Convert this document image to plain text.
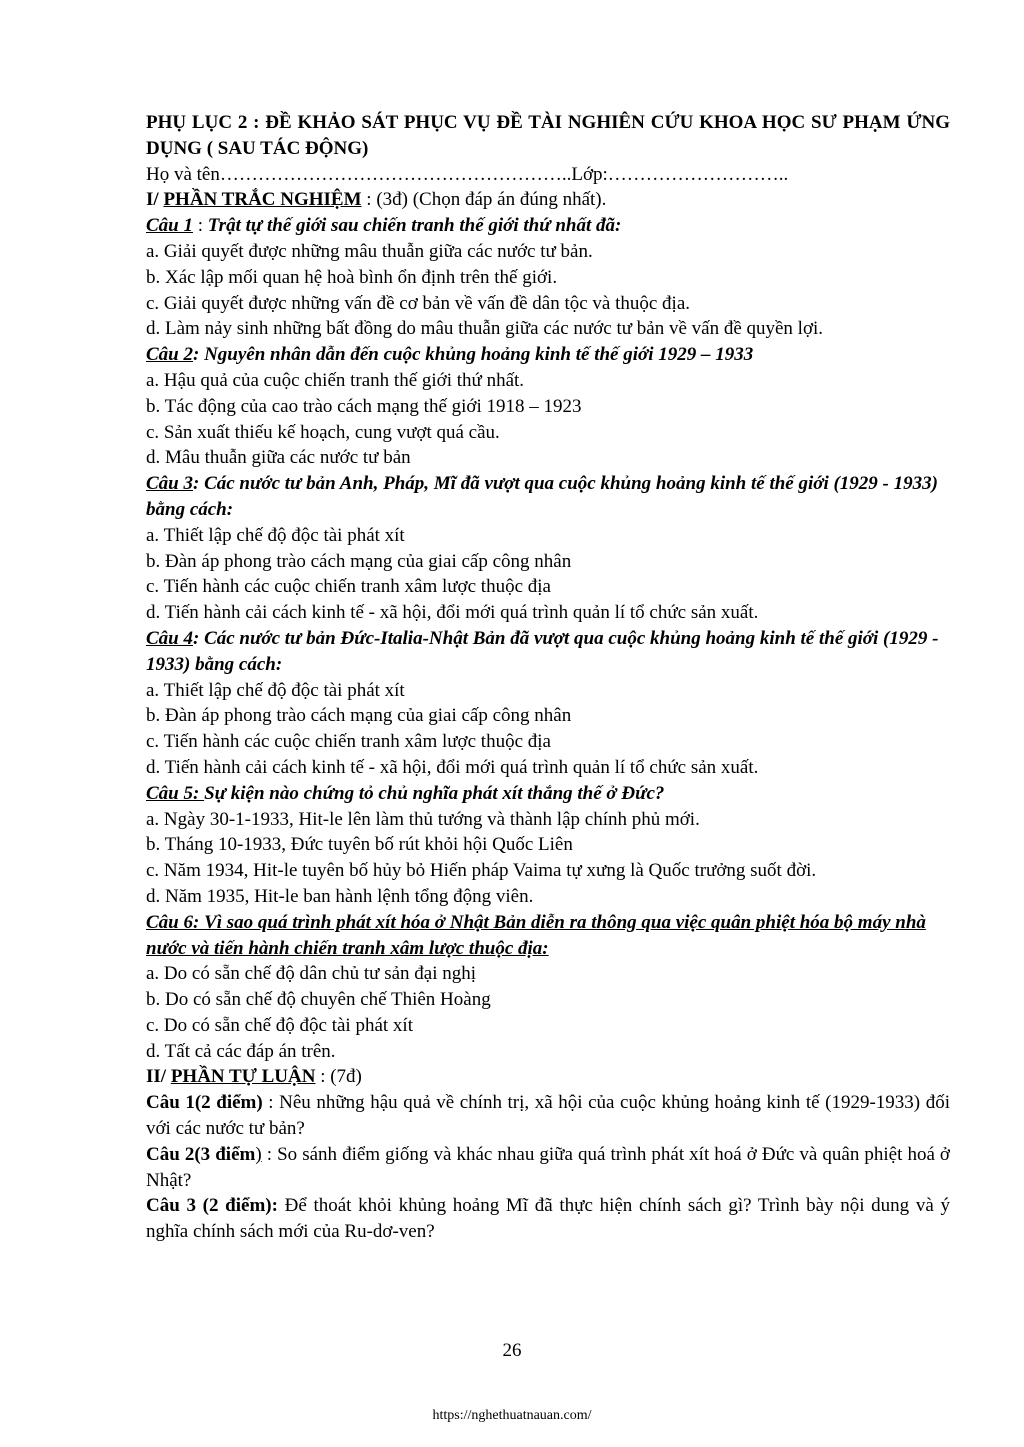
PHỤ LỤC 2 : ĐỀ KHẢO SÁT PHỤC VỤ ĐỀ TÀI NGHIÊN CỨU KHOA HỌC SƯ PHẠM ỨNG DỤNG ( SAU TÁC ĐỘNG)
Họ và tên………………………………………………..Lớp:………………………..
I/ PHẦN TRẮC NGHIỆM : (3đ) (Chọn đáp án đúng nhất).
Câu 1 : Trật tự thế giới sau chiến tranh thế giới thứ nhất đã:
a. Giải quyết được những mâu thuẫn giữa các nước tư bản.
b. Xác lập mối quan hệ hoà bình ổn định trên thế giới.
c. Giải quyết được những vấn đề cơ bản về vấn đề dân tộc và thuộc địa.
d. Làm nảy sinh những bất đồng do mâu thuẫn giữa các nước tư bản về vấn đề quyền lợi.
Câu 2: Nguyên nhân dẫn đến cuộc khủng hoảng kinh tế thế giới 1929 – 1933
a. Hậu quả của cuộc chiến tranh thế giới thứ nhất.
b. Tác động của cao trào cách mạng thế giới 1918 – 1923
c. Sản xuất thiếu kế hoạch, cung vượt quá cầu.
d. Mâu thuẫn giữa các nước tư bản
Câu 3: Các nước tư bản Anh, Pháp, Mĩ đã vượt qua cuộc khủng hoảng kinh tế thế giới (1929 - 1933) bằng cách:
a. Thiết lập chế độ độc tài phát xít
b. Đàn áp phong trào cách mạng của giai cấp công nhân
c. Tiến hành các cuộc chiến tranh xâm lược thuộc địa
d. Tiến hành cải cách kinh tế - xã hội, đổi mới quá trình quản lí tổ chức sản xuất.
Câu 4: Các nước tư bản Đức-Italia-Nhật Bản đã vượt qua cuộc khủng hoảng kinh tế thế giới (1929 - 1933) bằng cách:
a. Thiết lập chế độ độc tài phát xít
b. Đàn áp phong trào cách mạng của giai cấp công nhân
c. Tiến hành các cuộc chiến tranh xâm lược thuộc địa
d. Tiến hành cải cách kinh tế - xã hội, đổi mới quá trình quản lí tổ chức sản xuất.
Câu 5: Sự kiện nào chứng tỏ chủ nghĩa phát xít thắng thế ở Đức?
a. Ngày 30-1-1933, Hit-le lên làm thủ tướng và thành lập chính phủ mới.
b. Tháng 10-1933, Đức tuyên bố rút khỏi hội Quốc Liên
c. Năm 1934, Hit-le tuyên bố hủy bỏ Hiến pháp Vaima tự xưng là Quốc trưởng suốt đời.
d. Năm 1935, Hit-le ban hành lệnh tổng động viên.
Câu 6: Vì sao quá trình phát xít hóa ở Nhật Bản diễn ra thông qua việc quân phiệt hóa bộ máy nhà nước và tiến hành chiến tranh xâm lược thuộc địa:
a. Do có sẵn chế độ dân chủ tư sản đại nghị
b. Do có sẵn chế độ chuyên chế Thiên Hoàng
c. Do có sẵn chế độ độc tài phát xít
d. Tất cả các đáp án trên.
II/ PHẦN TỰ LUẬN : (7đ)
Câu 1(2 điểm) : Nêu những hậu quả về chính trị, xã hội của cuộc khủng hoảng kinh tế (1929-1933) đối với các nước tư bản?
Câu 2(3 điểm) : So sánh điểm giống và khác nhau giữa quá trình phát xít hoá ở Đức và quân phiệt hoá ở Nhật?
Câu 3 (2 điểm): Để thoát khỏi khủng hoảng Mĩ đã thực hiện chính sách gì? Trình bày nội dung và ý nghĩa chính sách mới của Ru-dơ-ven?
26
https://nghethuatnauan.com/
